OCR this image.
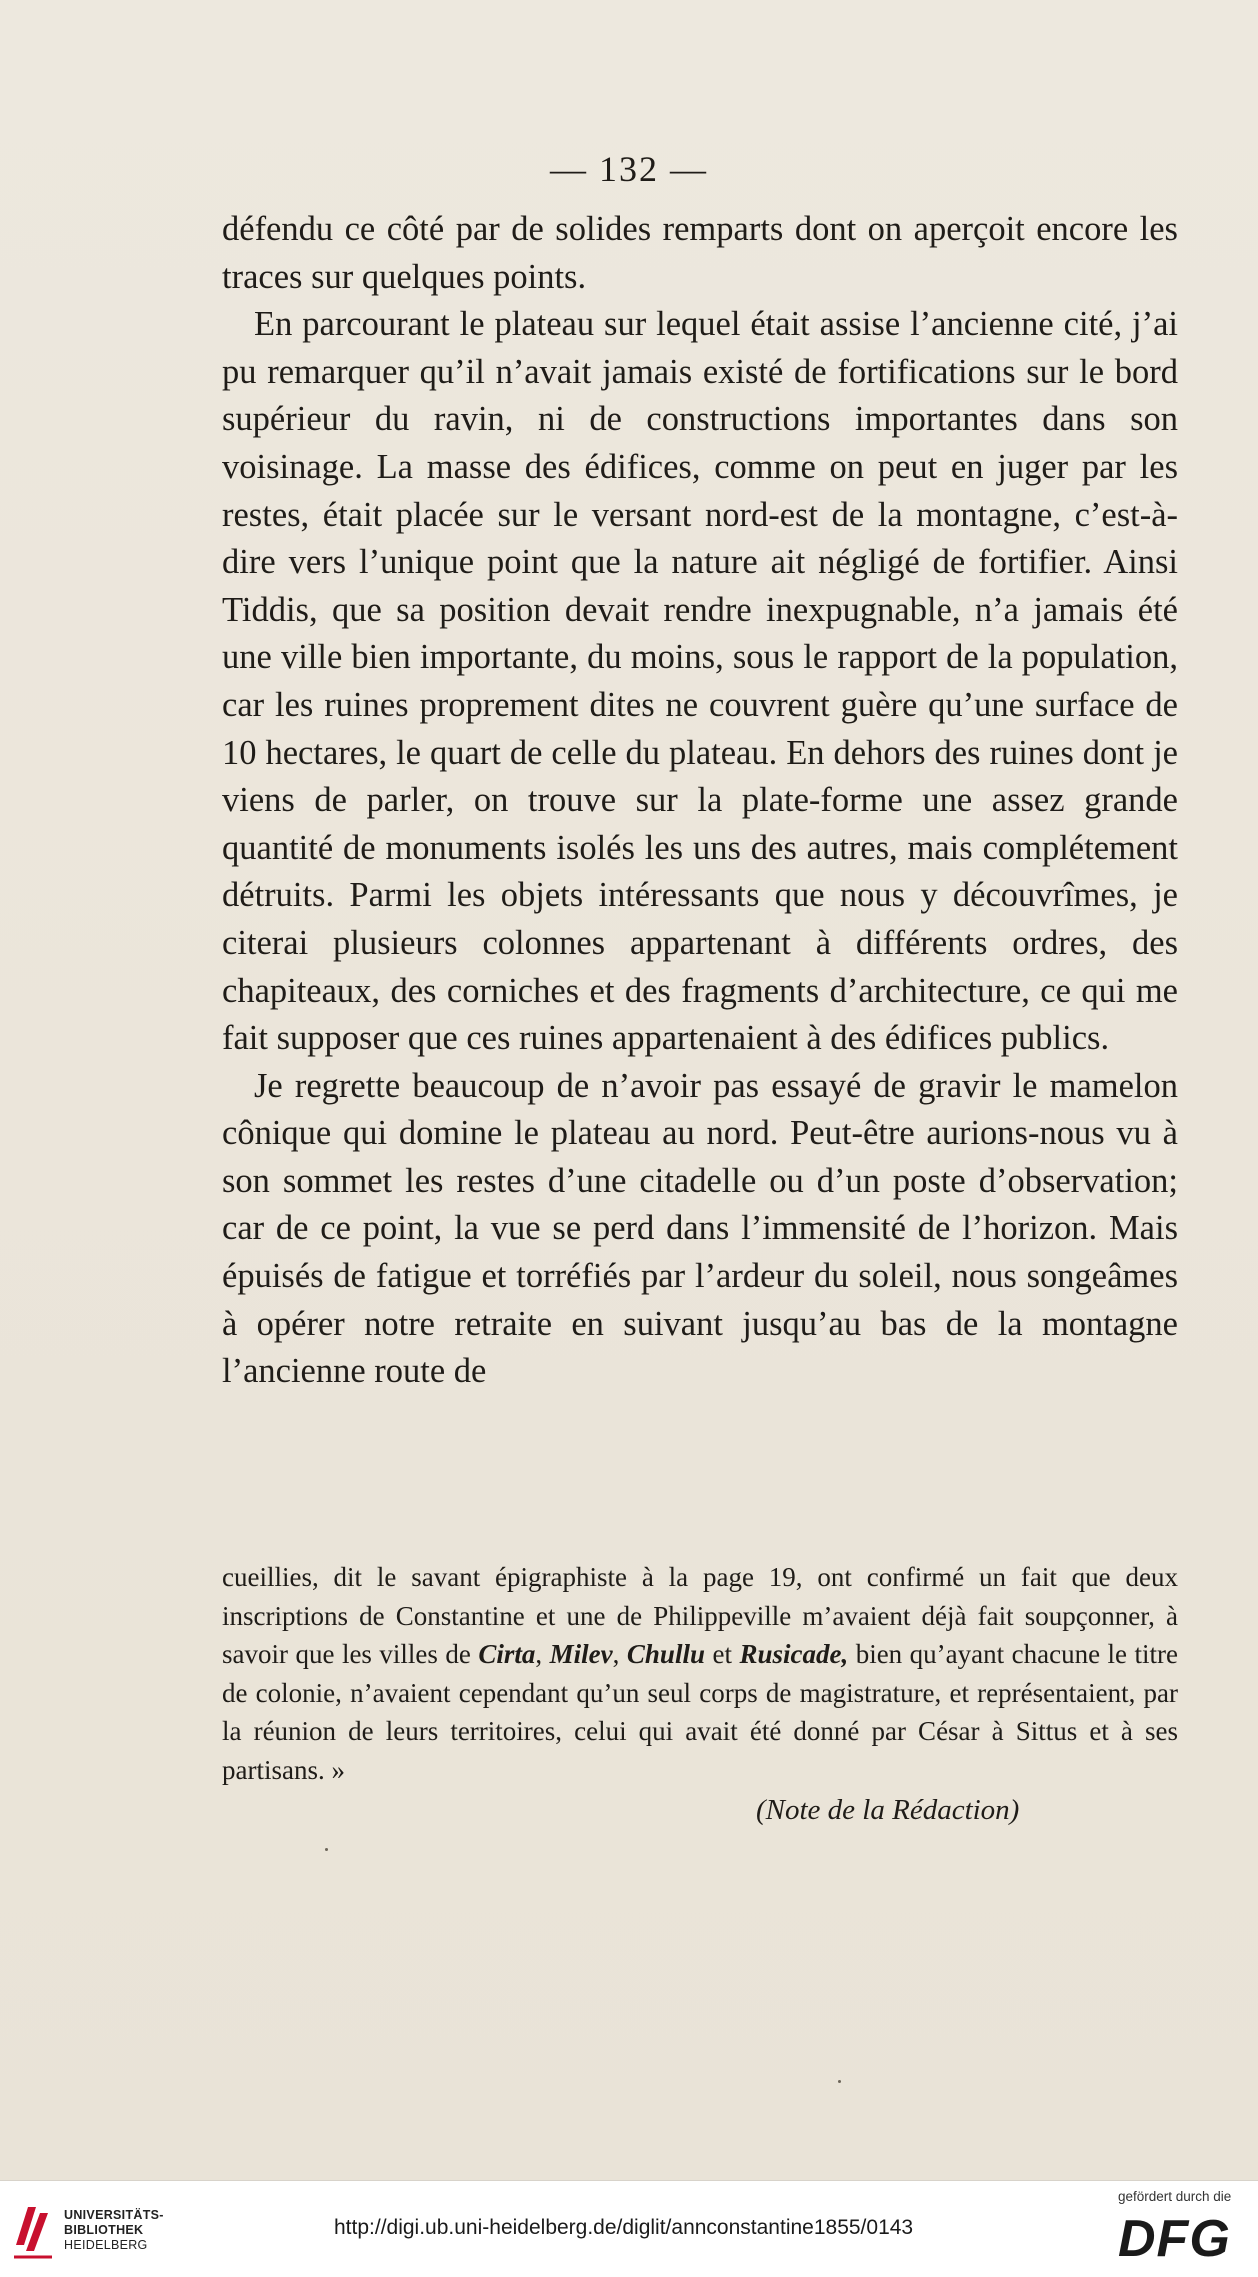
— 132 —

défendu ce côté par de solides remparts dont on aperçoit encore les traces sur quelques points.

En parcourant le plateau sur lequel était assise l’ancienne cité, j’ai pu remarquer qu’il n’avait jamais existé de fortifications sur le bord supérieur du ravin, ni de constructions importantes dans son voisinage. La masse des édifices, comme on peut en juger par les restes, était placée sur le versant nord-est de la montagne, c’est-à-dire vers l’unique point que la nature ait négligé de fortifier. Ainsi Tiddis, que sa position devait rendre inexpugnable, n’a jamais été une ville bien importante, du moins, sous le rapport de la population, car les ruines proprement dites ne couvrent guère qu’une surface de 10 hectares, le quart de celle du plateau. En dehors des ruines dont je viens de parler, on trouve sur la plate-forme une assez grande quantité de monuments isolés les uns des autres, mais complétement détruits. Parmi les objets intéressants que nous y découvrîmes, je citerai plusieurs colonnes appartenant à différents ordres, des chapiteaux, des corniches et des fragments d’architecture, ce qui me fait supposer que ces ruines appartenaient à des édifices publics.

Je regrette beaucoup de n’avoir pas essayé de gravir le mamelon cônique qui domine le plateau au nord. Peut-être aurions-nous vu à son sommet les restes d’une citadelle ou d’un poste d’observation; car de ce point, la vue se perd dans l’immensité de l’horizon. Mais épuisés de fatigue et torréfiés par l’ardeur du soleil, nous songeâmes à opérer notre retraite en suivant jusqu’au bas de la montagne l’ancienne route de

cueillies, dit le savant épigraphiste à la page 19, ont confirmé un fait que deux inscriptions de Constantine et une de Philippeville m’avaient déjà fait soupçonner, à savoir que les villes de Cirta, Milev, Chullu et Rusicade, bien qu’ayant chacune le titre de colonie, n’avaient cependant qu’un seul corps de magistrature, et représentaient, par la réunion de leurs territoires, celui qui avait été donné par César à Sittus et à ses partisans. »

(Note de la Rédaction)
UNIVERSITÄTS-
BIBLIOTHEK
HEIDELBERG
http://digi.ub.uni-heidelberg.de/diglit/annconstantine1855/0143
gefördert durch die
DFG
